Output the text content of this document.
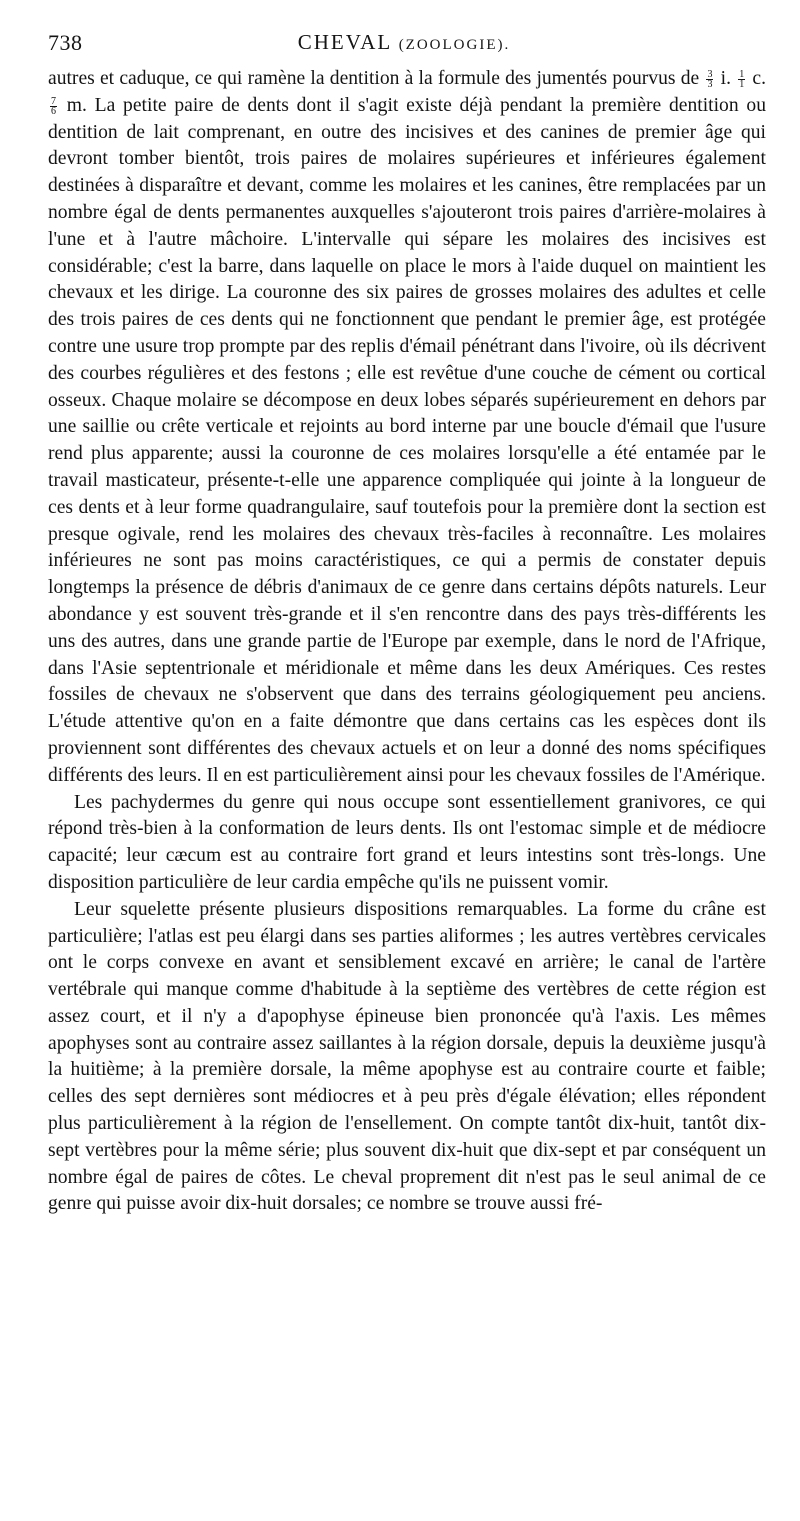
738	CHEVAL (ZOOLOGIE).

autres et caduque, ce qui ramène la dentition à la formule des jumentés pourvus de $\frac{3}{3} i$. $\frac{1}{1} c$.
$\frac{7}{6} m$. La petite paire de dents dont il s'agit existe déjà pendant la première dentition ou dentition de lait comprenant, en outre des incisives et des canines de premier âge qui devront tomber bientôt, trois paires de molaires supérieures et inférieures également destinées à disparaître et devant, comme les molaires et les canines, être remplacées par un nombre égal de dents permanentes auxquelles s'ajouteront trois paires d'arrière-molaires à l'une et à l'autre mâchoire. L'intervalle qui sépare les molaires des incisives est considérable; c'est la barre, dans laquelle on place le mors à l'aide duquel on maintient les chevaux et les dirige. La couronne des six paires de grosses molaires des adultes et celle des trois paires de ces dents qui ne fonctionnent que pendant le premier âge, est protégée contre une usure trop prompte par des replis d'émail pénétrant dans l'ivoire, où ils décrivent des courbes régulières et des festons ; elle est revêtue d'une couche de cément ou cortical osseux. Chaque molaire se décompose en deux lobes séparés supérieurement en dehors par une saillie ou crête verticale et rejoints au bord interne par une boucle d'émail que l'usure rend plus apparente; aussi la couronne de ces molaires lorsqu'elle a été entamée par le travail masticateur, présente-t-elle une apparence compliquée qui jointe à la longueur de ces dents et à leur forme quadrangulaire, sauf toutefois pour la première dont la section est presque ogivale, rend les molaires des chevaux très-faciles à reconnaître. Les molaires inférieures ne sont pas moins caractéristiques, ce qui a permis de constater depuis longtemps la présence de débris d'animaux de ce genre dans certains dépôts naturels. Leur abondance y est souvent très-grande et il s'en rencontre dans des pays très-différents les uns des autres, dans une grande partie de l'Europe par exemple, dans le nord de l'Afrique, dans l'Asie septentrionale et méridionale et même dans les deux Amériques. Ces restes fossiles de chevaux ne s'observent que dans des terrains géologiquement peu anciens. L'étude attentive qu'on en a faite démontre que dans certains cas les espèces dont ils proviennent sont différentes des chevaux actuels et on leur a donné des noms spécifiques différents des leurs. Il en est particulièrement ainsi pour les chevaux fossiles de l'Amérique.

Les pachydermes du genre qui nous occupe sont essentiellement granivores, ce qui répond très-bien à la conformation de leurs dents. Ils ont l'estomac simple et de médiocre capacité; leur cæcum est au contraire fort grand et leurs intestins sont très-longs. Une disposition particulière de leur cardia empêche qu'ils ne puissent vomir.

Leur squelette présente plusieurs dispositions remarquables. La forme du crâne est particulière; l'atlas est peu élargi dans ses parties aliformes ; les autres vertèbres cervicales ont le corps convexe en avant et sensiblement excavé en arrière; le canal de l'artère vertébrale qui manque comme d'habitude à la septième des vertèbres de cette région est assez court, et il n'y a d'apophyse épineuse bien prononcée qu'à l'axis. Les mêmes apophyses sont au contraire assez saillantes à la région dorsale, depuis la deuxième jusqu'à la huitième; à la première dorsale, la même apophyse est au contraire courte et faible; celles des sept dernières sont médiocres et à peu près d'égale élévation; elles répondent plus particulièrement à la région de l'ensellement. On compte tantôt dix-huit, tantôt dix-sept vertèbres pour la même série; plus souvent dix-huit que dix-sept et par conséquent un nombre égal de paires de côtes. Le cheval proprement dit n'est pas le seul animal de ce genre qui puisse avoir dix-huit dorsales; ce nombre se trouve aussi fré-
